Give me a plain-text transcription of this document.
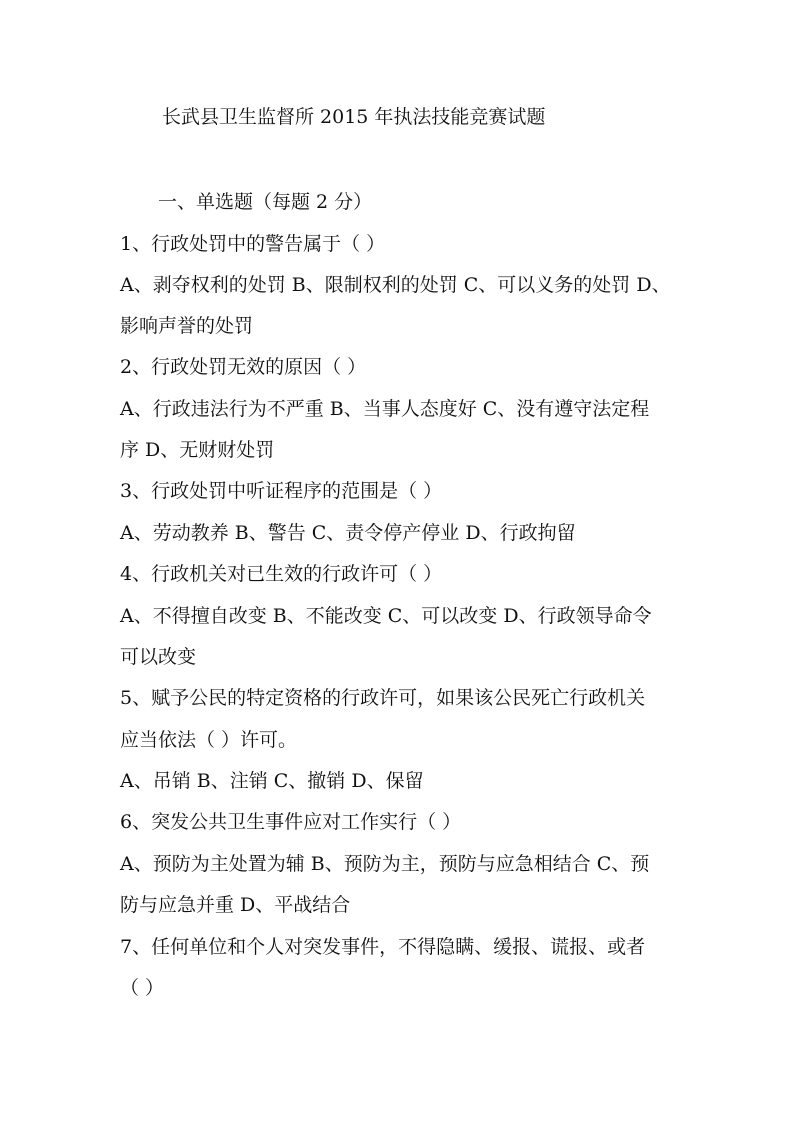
长武县卫生监督所 2015 年执法技能竞赛试题
一、单选题（每题 2 分）
1、行政处罚中的警告属于（ ）
A、剥夺权利的处罚 B、限制权利的处罚 C、可以义务的处罚 D、
影响声誉的处罚
2、行政处罚无效的原因（ ）
A、行政违法行为不严重 B、当事人态度好 C、没有遵守法定程
序 D、无财财处罚
3、行政处罚中听证程序的范围是（ ）
A、劳动教养 B、警告 C、责令停产停业 D、行政拘留
4、行政机关对已生效的行政许可（ ）
A、不得擅自改变 B、不能改变 C、可以改变 D、行政领导命令
可以改变
5、赋予公民的特定资格的行政许可，如果该公民死亡行政机关
应当依法（ ）许可。
A、吊销 B、注销 C、撤销 D、保留
6、突发公共卫生事件应对工作实行（ ）
A、预防为主处置为辅 B、预防为主，预防与应急相结合 C、预
防与应急并重 D、平战结合
7、任何单位和个人对突发事件，不得隐瞒、缓报、谎报、或者
（ ）
